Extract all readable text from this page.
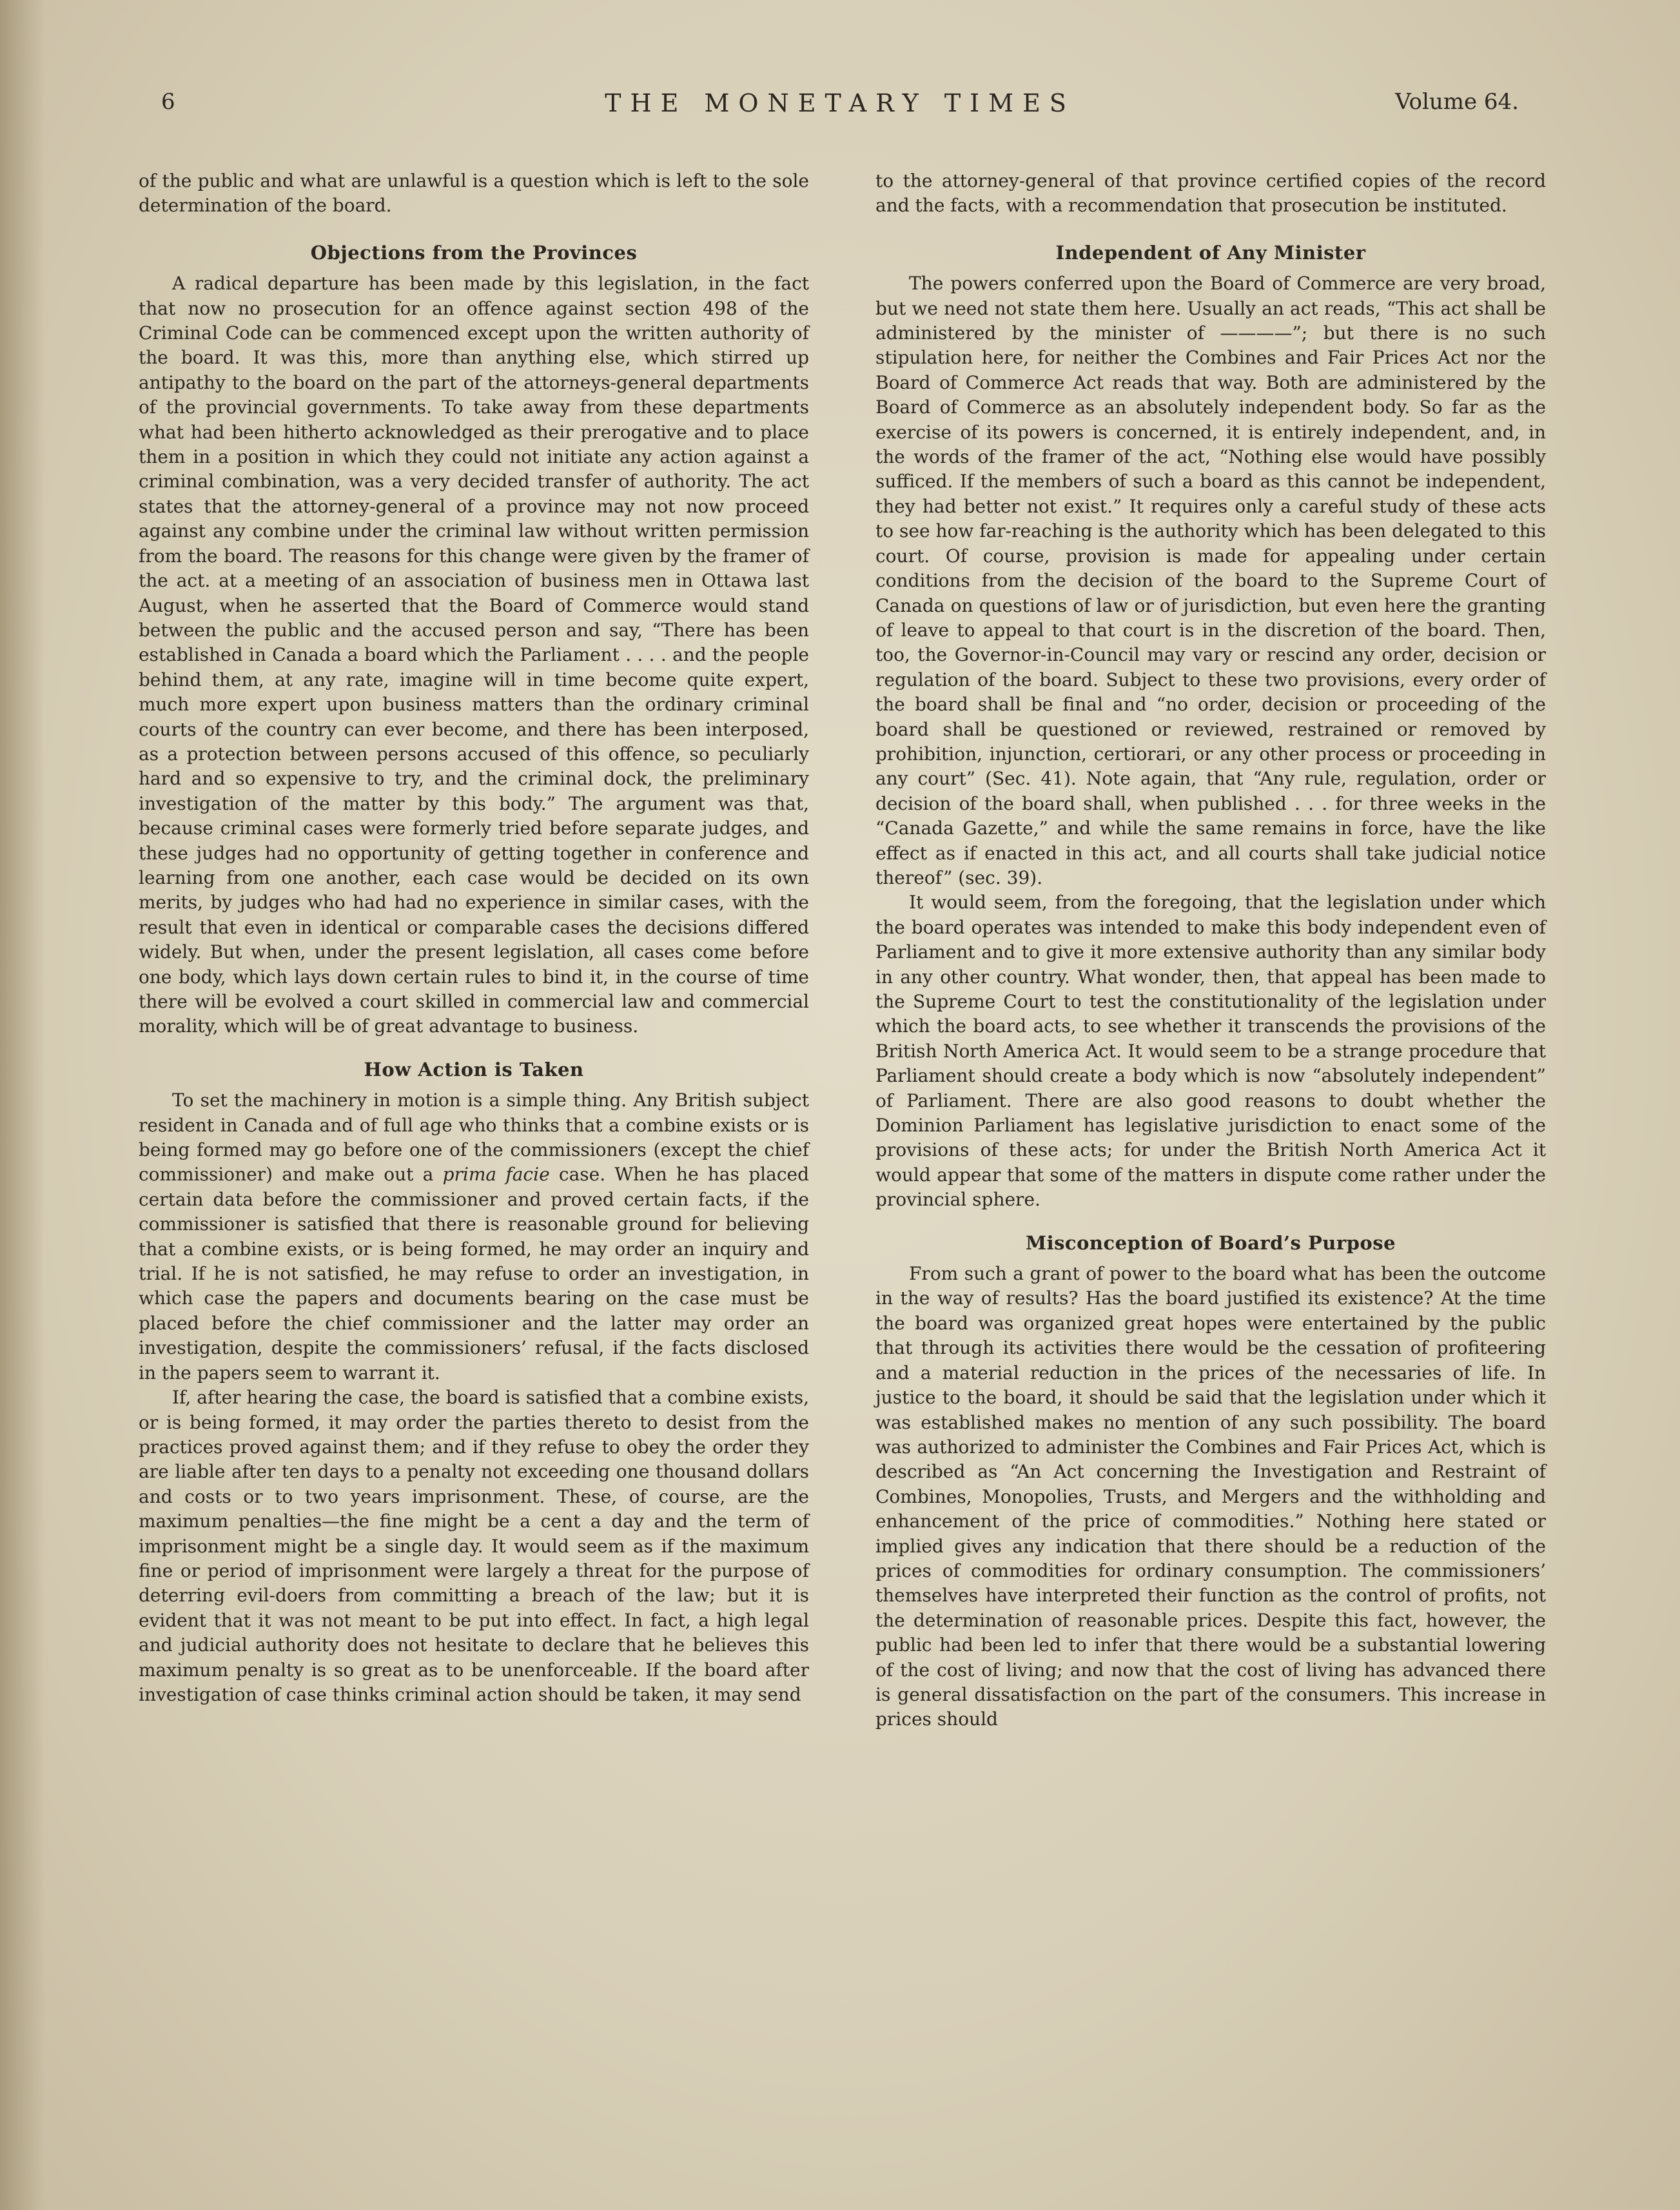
6	THE MONETARY TIMES	Volume 64.

of the public and what are unlawful is a question which is left to the sole determination of the board.

Objections from the Provinces

A radical departure has been made by this legislation, in the fact that now no prosecution for an offence against section 498 of the Criminal Code can be commenced except upon the written authority of the board. It was this, more than anything else, which stirred up antipathy to the board on the part of the attorneys-general departments of the provincial governments. To take away from these departments what had been hitherto acknowledged as their prerogative and to place them in a position in which they could not initiate any action against a criminal combination, was a very decided transfer of authority. The act states that the attorney-general of a province may not now proceed against any combine under the criminal law without written permission from the board. The reasons for this change were given by the framer of the act. at a meeting of an association of business men in Ottawa last August, when he asserted that the Board of Commerce would stand between the public and the accused person and say, “There has been established in Canada a board which the Parliament . . . . and the people behind them, at any rate, imagine will in time become quite expert, much more expert upon business matters than the ordinary criminal courts of the country can ever become, and there has been interposed, as a protection between persons accused of this offence, so peculiarly hard and so expensive to try, and the criminal dock, the preliminary investigation of the matter by this body.” The argument was that, because criminal cases were formerly tried before separate judges, and these judges had no opportunity of getting together in conference and learning from one another, each case would be decided on its own merits, by judges who had had no experience in similar cases, with the result that even in identical or comparable cases the decisions differed widely. But when, under the present legislation, all cases come before one body, which lays down certain rules to bind it, in the course of time there will be evolved a court skilled in commercial law and commercial morality, which will be of great advantage to business.

How Action is Taken

To set the machinery in motion is a simple thing. Any British subject resident in Canada and of full age who thinks that a combine exists or is being formed may go before one of the commissioners (except the chief commissioner) and make out a prima facie case. When he has placed certain data before the commissioner and proved certain facts, if the commissioner is satisfied that there is reasonable ground for believing that a combine exists, or is being formed, he may order an inquiry and trial. If he is not satisfied, he may refuse to order an investigation, in which case the papers and documents bearing on the case must be placed before the chief commissioner and the latter may order an investigation, despite the commissioners’ refusal, if the facts disclosed in the papers seem to warrant it.

If, after hearing the case, the board is satisfied that a combine exists, or is being formed, it may order the parties thereto to desist from the practices proved against them; and if they refuse to obey the order they are liable after ten days to a penalty not exceeding one thousand dollars and costs or to two years imprisonment. These, of course, are the maximum penalties—the fine might be a cent a day and the term of imprisonment might be a single day. It would seem as if the maximum fine or period of imprisonment were largely a threat for the purpose of deterring evil-doers from committing a breach of the law; but it is evident that it was not meant to be put into effect. In fact, a high legal and judicial authority does not hesitate to declare that he believes this maximum penalty is so great as to be unenforceable. If the board after investigation of case thinks criminal action should be taken, it may send

to the attorney-general of that province certified copies of the record and the facts, with a recommendation that prosecution be instituted.

Independent of Any Minister

The powers conferred upon the Board of Commerce are very broad, but we need not state them here. Usually an act reads, “This act shall be administered by the minister of ————”; but there is no such stipulation here, for neither the Combines and Fair Prices Act nor the Board of Commerce Act reads that way. Both are administered by the Board of Commerce as an absolutely independent body. So far as the exercise of its powers is concerned, it is entirely independent, and, in the words of the framer of the act, “Nothing else would have possibly sufficed. If the members of such a board as this cannot be independent, they had better not exist.” It requires only a careful study of these acts to see how far-reaching is the authority which has been delegated to this court. Of course, provision is made for appealing under certain conditions from the decision of the board to the Supreme Court of Canada on questions of law or of jurisdiction, but even here the granting of leave to appeal to that court is in the discretion of the board. Then, too, the Governor-in-Council may vary or rescind any order, decision or regulation of the board. Subject to these two provisions, every order of the board shall be final and “no order, decision or proceeding of the board shall be questioned or reviewed, restrained or removed by prohibition, injunction, certiorari, or any other process or proceeding in any court” (Sec. 41). Note again, that “Any rule, regulation, order or decision of the board shall, when published . . . for three weeks in the “Canada Gazette,” and while the same remains in force, have the like effect as if enacted in this act, and all courts shall take judicial notice thereof” (sec. 39).

It would seem, from the foregoing, that the legislation under which the board operates was intended to make this body independent even of Parliament and to give it more extensive authority than any similar body in any other country. What wonder, then, that appeal has been made to the Supreme Court to test the constitutionality of the legislation under which the board acts, to see whether it transcends the provisions of the British North America Act. It would seem to be a strange procedure that Parliament should create a body which is now “absolutely independent” of Parliament. There are also good reasons to doubt whether the Dominion Parliament has legislative jurisdiction to enact some of the provisions of these acts; for under the British North America Act it would appear that some of the matters in dispute come rather under the provincial sphere.

Misconception of Board’s Purpose

From such a grant of power to the board what has been the outcome in the way of results? Has the board justified its existence? At the time the board was organized great hopes were entertained by the public that through its activities there would be the cessation of profiteering and a material reduction in the prices of the necessaries of life. In justice to the board, it should be said that the legislation under which it was established makes no mention of any such possibility. The board was authorized to administer the Combines and Fair Prices Act, which is described as “An Act concerning the Investigation and Restraint of Combines, Monopolies, Trusts, and Mergers and the withholding and enhancement of the price of commodities.” Nothing here stated or implied gives any indication that there should be a reduction of the prices of commodities for ordinary consumption. The commissioners’ themselves have interpreted their function as the control of profits, not the determination of reasonable prices. Despite this fact, however, the public had been led to infer that there would be a substantial lowering of the cost of living; and now that the cost of living has advanced there is general dissatisfaction on the part of the consumers. This increase in prices should
